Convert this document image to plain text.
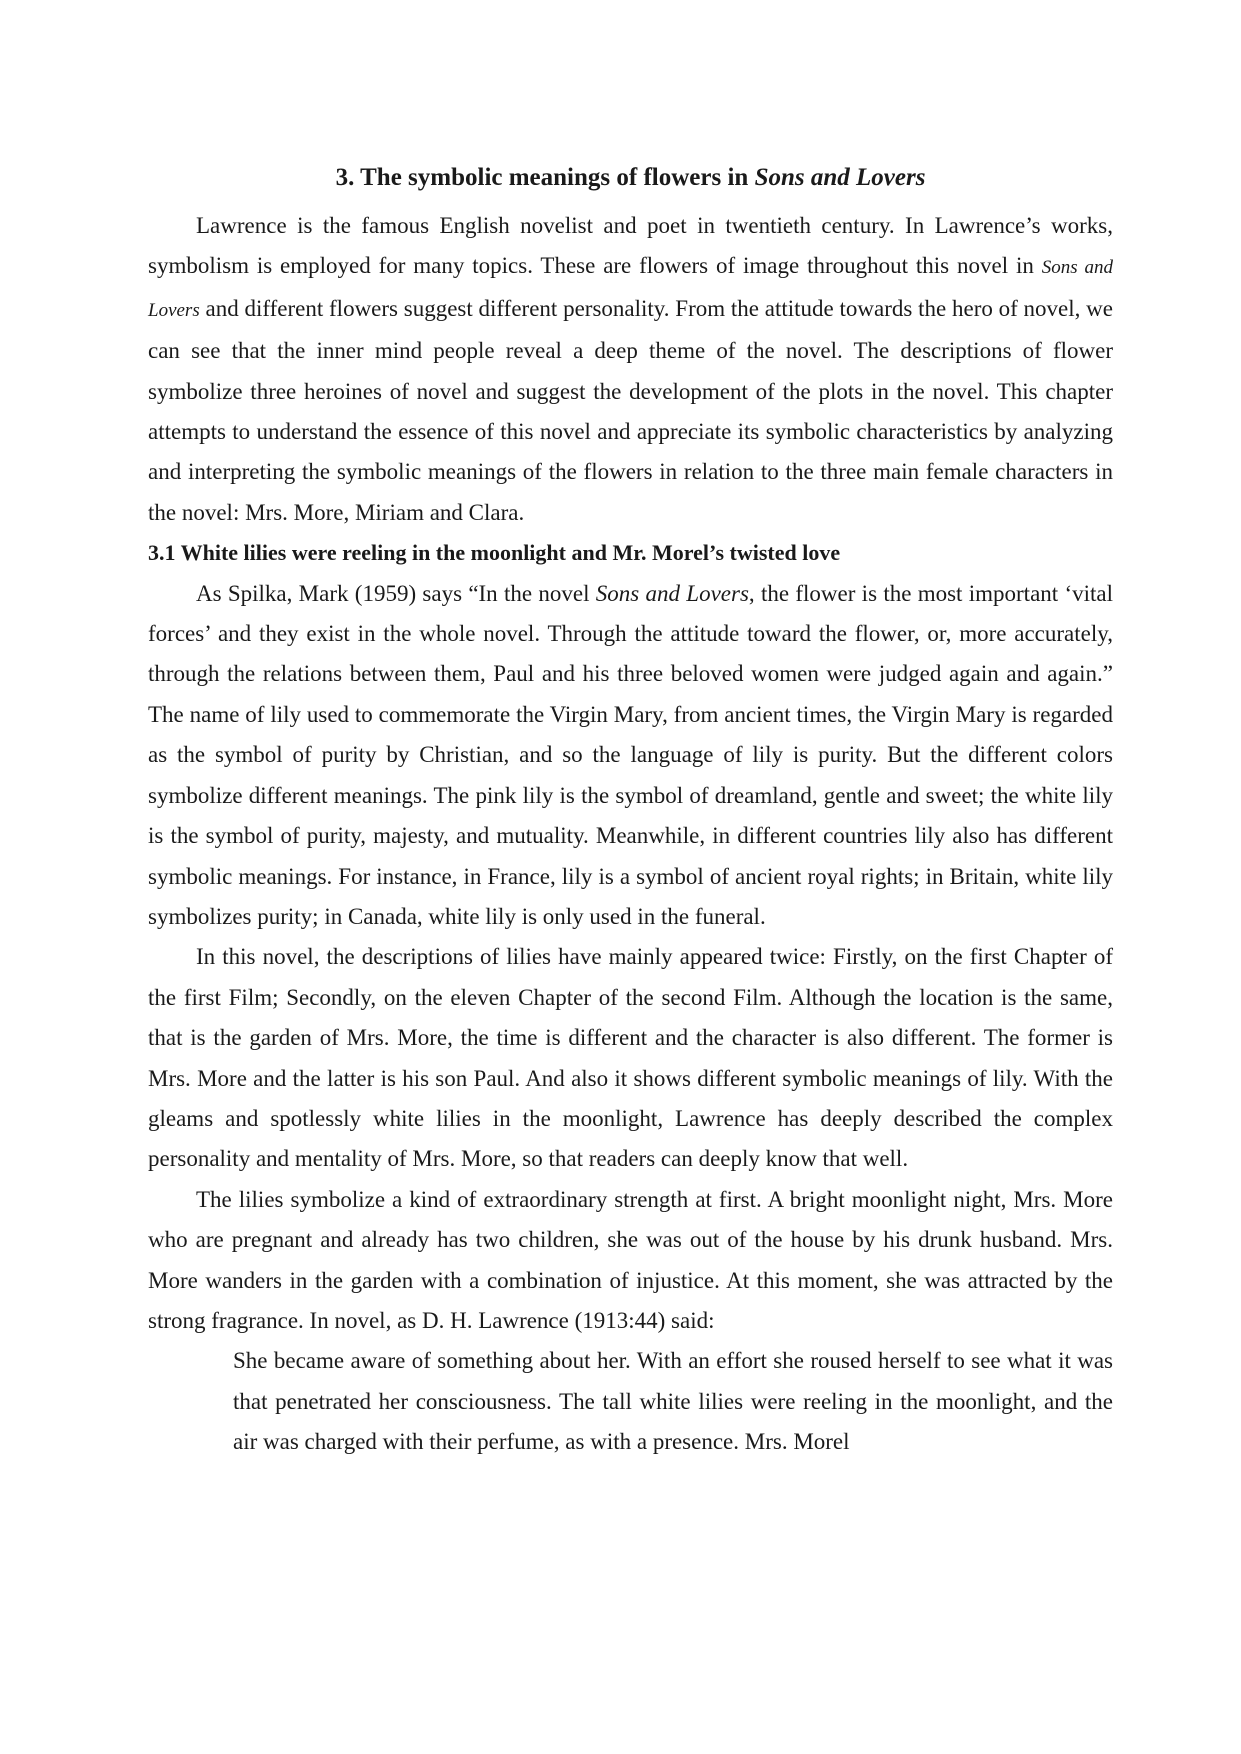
3. The symbolic meanings of flowers in Sons and Lovers

Lawrence is the famous English novelist and poet in twentieth century. In Lawrence’s works, symbolism is employed for many topics. These are flowers of image throughout this novel in Sons and Lovers and different flowers suggest different personality. From the attitude towards the hero of novel, we can see that the inner mind people reveal a deep theme of the novel. The descriptions of flower symbolize three heroines of novel and suggest the development of the plots in the novel. This chapter attempts to understand the essence of this novel and appreciate its symbolic characteristics by analyzing and interpreting the symbolic meanings of the flowers in relation to the three main female characters in the novel: Mrs. More, Miriam and Clara.

3.1 White lilies were reeling in the moonlight and Mr. Morel’s twisted love

As Spilka, Mark (1959) says “In the novel Sons and Lovers, the flower is the most important ‘vital forces’ and they exist in the whole novel. Through the attitude toward the flower, or, more accurately, through the relations between them, Paul and his three beloved women were judged again and again.” The name of lily used to commemorate the Virgin Mary, from ancient times, the Virgin Mary is regarded as the symbol of purity by Christian, and so the language of lily is purity. But the different colors symbolize different meanings. The pink lily is the symbol of dreamland, gentle and sweet; the white lily is the symbol of purity, majesty, and mutuality. Meanwhile, in different countries lily also has different symbolic meanings. For instance, in France, lily is a symbol of ancient royal rights; in Britain, white lily symbolizes purity; in Canada, white lily is only used in the funeral.

In this novel, the descriptions of lilies have mainly appeared twice: Firstly, on the first Chapter of the first Film; Secondly, on the eleven Chapter of the second Film. Although the location is the same, that is the garden of Mrs. More, the time is different and the character is also different. The former is Mrs. More and the latter is his son Paul. And also it shows different symbolic meanings of lily. With the gleams and spotlessly white lilies in the moonlight, Lawrence has deeply described the complex personality and mentality of Mrs. More, so that readers can deeply know that well.

The lilies symbolize a kind of extraordinary strength at first. A bright moonlight night, Mrs. More who are pregnant and already has two children, she was out of the house by his drunk husband. Mrs. More wanders in the garden with a combination of injustice. At this moment, she was attracted by the strong fragrance. In novel, as D. H. Lawrence (1913:44) said:

She became aware of something about her. With an effort she roused herself to see what it was that penetrated her consciousness. The tall white lilies were reeling in the moonlight, and the air was charged with their perfume, as with a presence. Mrs. Morel
